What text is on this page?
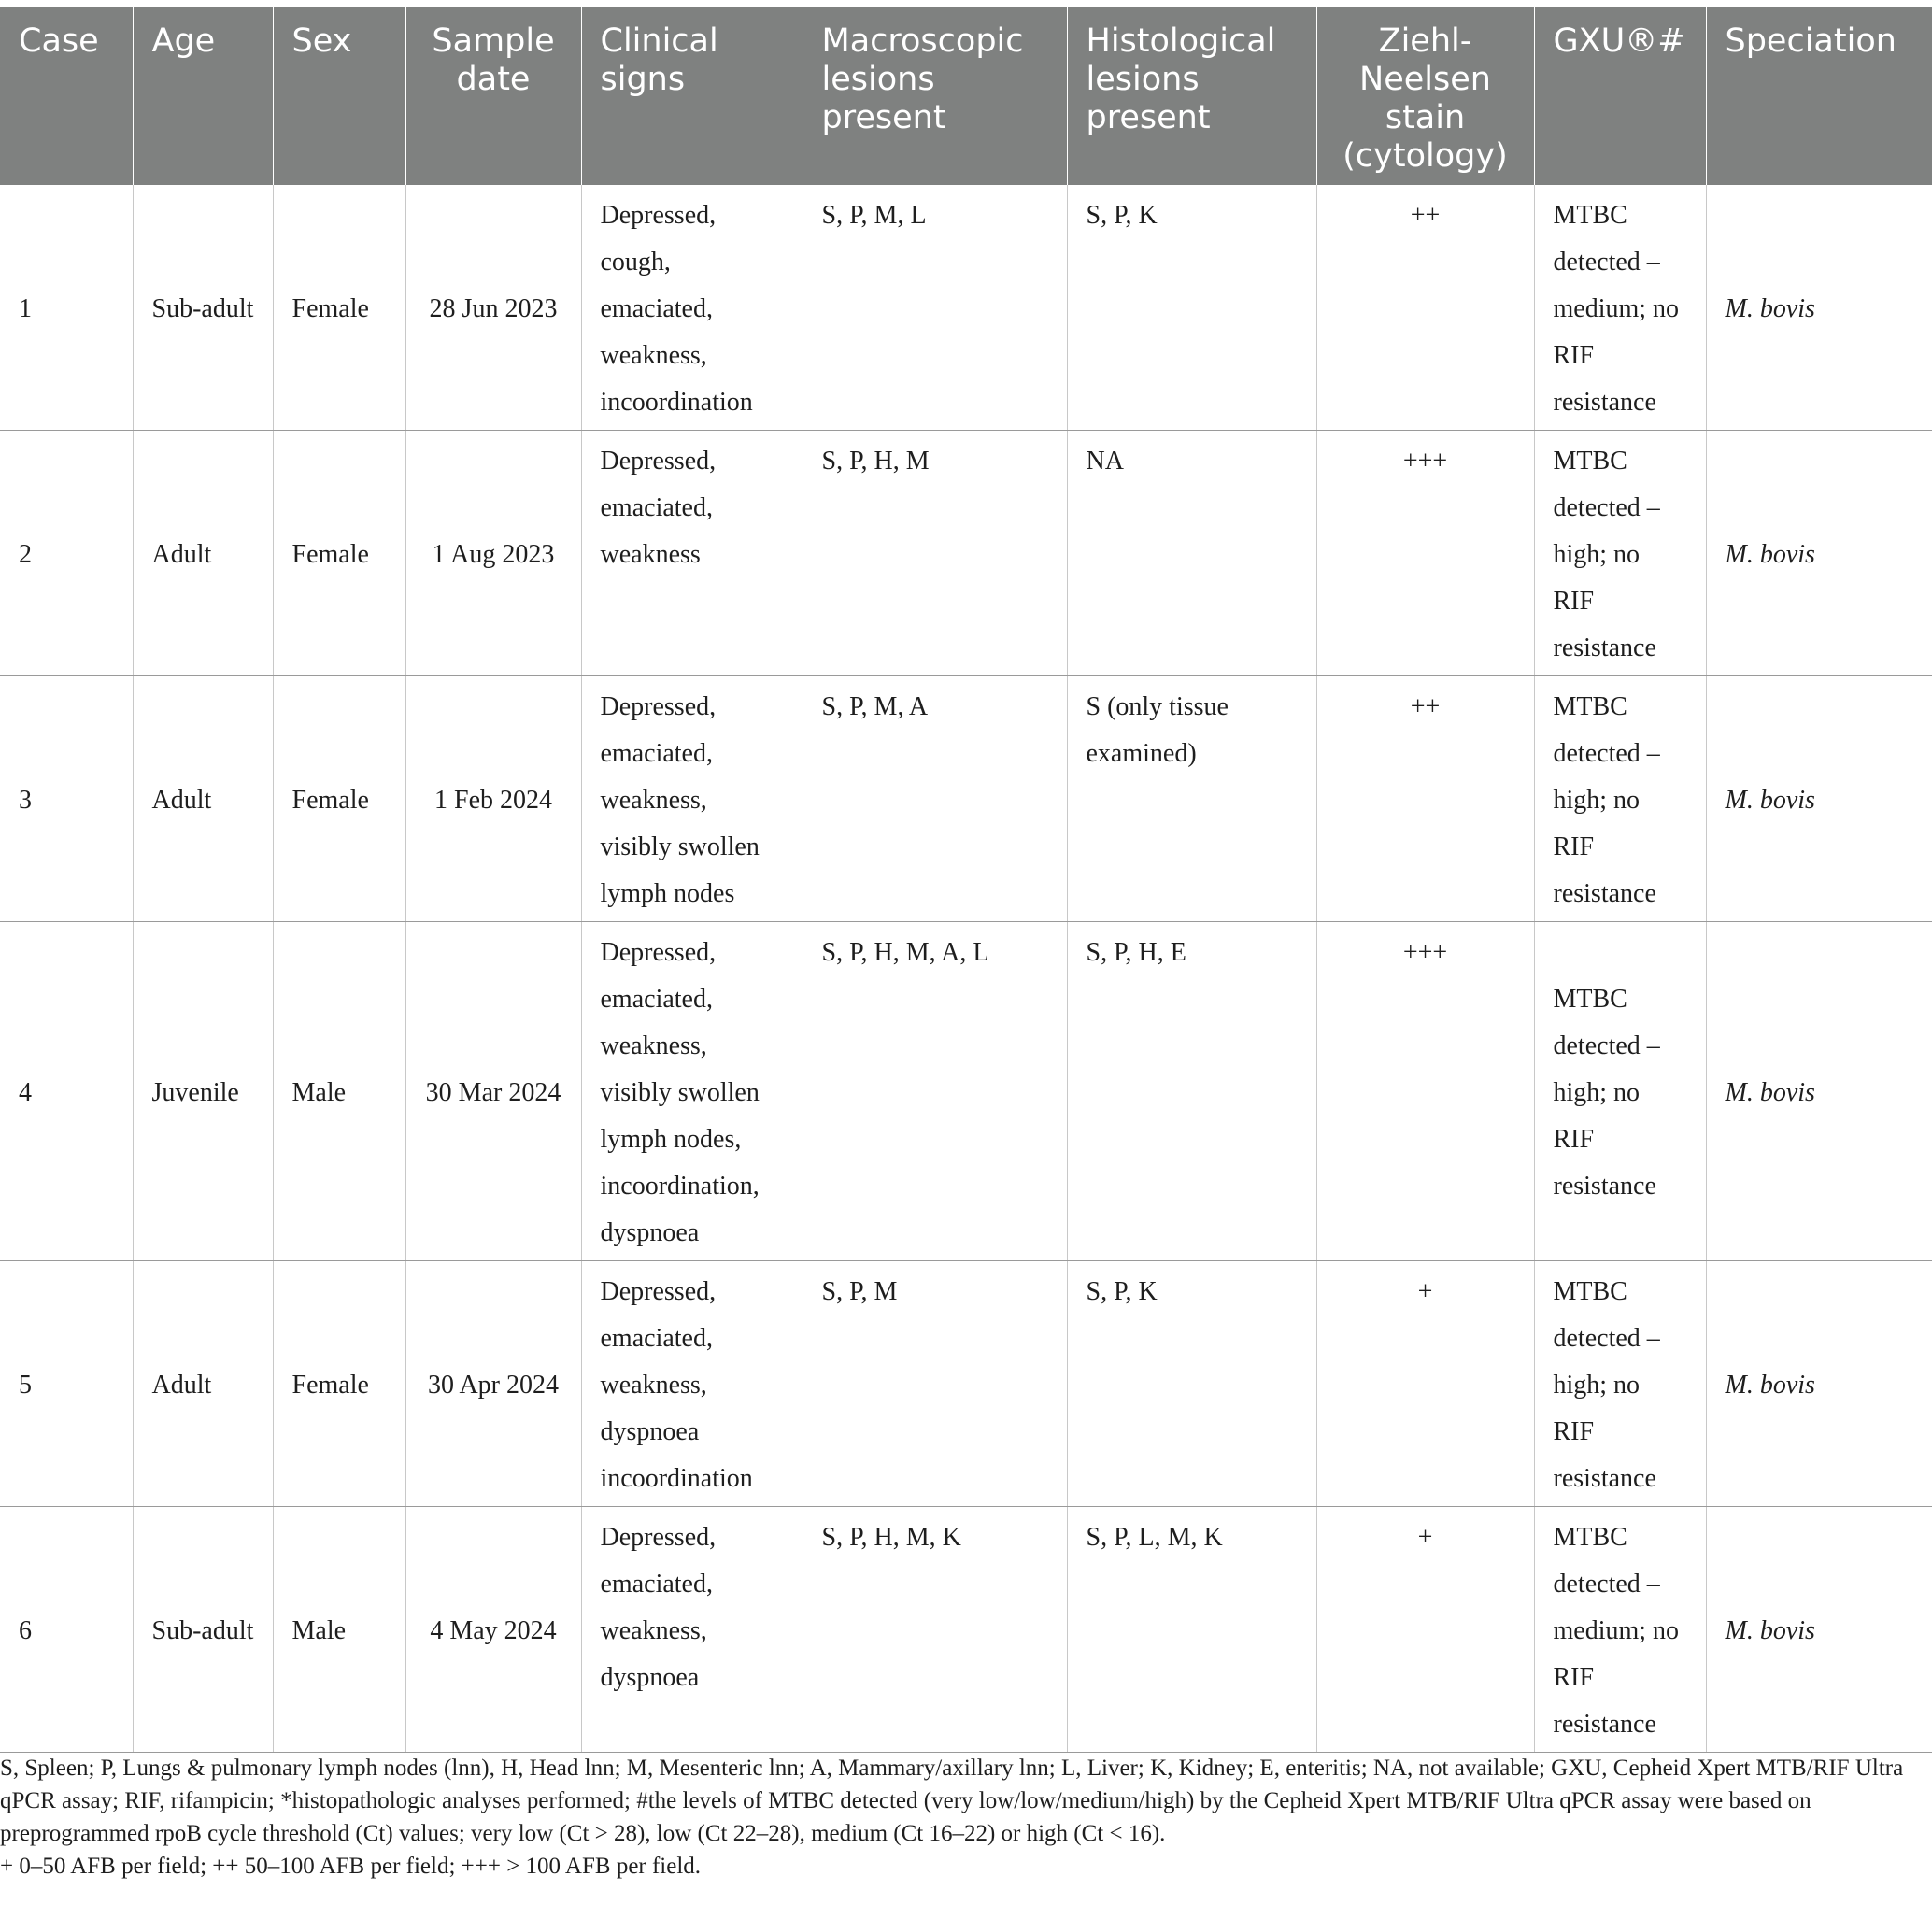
Case	Age	Sex	Sample date	Clinical signs	Macroscopic lesions present	Histological lesions present	Ziehl-Neelsen stain (cytology)	GXU®#	Speciation
1	Sub-adult	Female	28 Jun 2023	Depressed, cough, emaciated, weakness, incoordination	S, P, M, L	S, P, K	++	MTBC detected – medium; no RIF resistance	M. bovis
2	Adult	Female	1 Aug 2023	Depressed, emaciated, weakness	S, P, H, M	NA	+++	MTBC detected – high; no RIF resistance	M. bovis
3	Adult	Female	1 Feb 2024	Depressed, emaciated, weakness, visibly swollen lymph nodes	S, P, M, A	S (only tissue examined)	++	MTBC detected – high; no RIF resistance	M. bovis
4	Juvenile	Male	30 Mar 2024	Depressed, emaciated, weakness, visibly swollen lymph nodes, incoordination, dyspnoea	S, P, H, M, A, L	S, P, H, E	+++	MTBC detected – high; no RIF resistance	M. bovis
5	Adult	Female	30 Apr 2024	Depressed, emaciated, weakness, dyspnoea incoordination	S, P, M	S, P, K	+	MTBC detected – high; no RIF resistance	M. bovis
6	Sub-adult	Male	4 May 2024	Depressed, emaciated, weakness, dyspnoea	S, P, H, M, K	S, P, L, M, K	+	MTBC detected – medium; no RIF resistance	M. bovis

S, Spleen; P, Lungs & pulmonary lymph nodes (lnn), H, Head lnn; M, Mesenteric lnn; A, Mammary/axillary lnn; L, Liver; K, Kidney; E, enteritis; NA, not available; GXU, Cepheid Xpert MTB/RIF Ultra qPCR assay; RIF, rifampicin; *histopathologic analyses performed; #the levels of MTBC detected (very low/low/medium/high) by the Cepheid Xpert MTB/RIF Ultra qPCR assay were based on preprogrammed rpoB cycle threshold (Ct) values; very low (Ct > 28), low (Ct 22–28), medium (Ct 16–22) or high (Ct < 16).

+ 0–50 AFB per field; ++ 50–100 AFB per field; +++ > 100 AFB per field.
